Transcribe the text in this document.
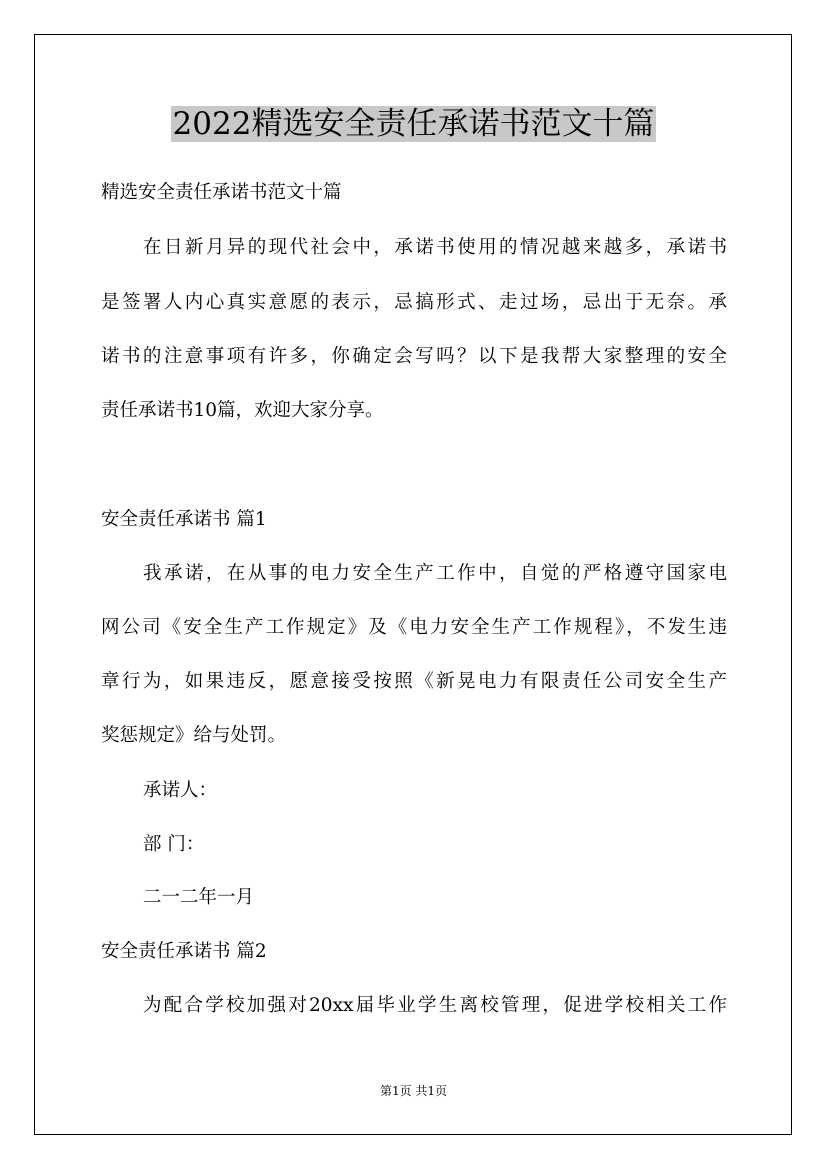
2022精选安全责任承诺书范文十篇

精选安全责任承诺书范文十篇

在日新月异的现代社会中，承诺书使用的情况越来越多，承诺书

是签署人内心真实意愿的表示，忌搞形式、走过场，忌出于无奈。承

诺书的注意事项有许多，你确定会写吗？以下是我帮大家整理的安全

责任承诺书10篇，欢迎大家分享。

安全责任承诺书 篇1

我承诺，在从事的电力安全生产工作中，自觉的严格遵守国家电

网公司《安全生产工作规定》及《电力安全生产工作规程》，不发生违

章行为，如果违反，愿意接受按照《新晃电力有限责任公司安全生产

奖惩规定》给与处罚。

承诺人：

部 门：

二一二年一月

安全责任承诺书 篇2

为配合学校加强对20xx届毕业学生离校管理，促进学校相关工作

第1页 共1页
